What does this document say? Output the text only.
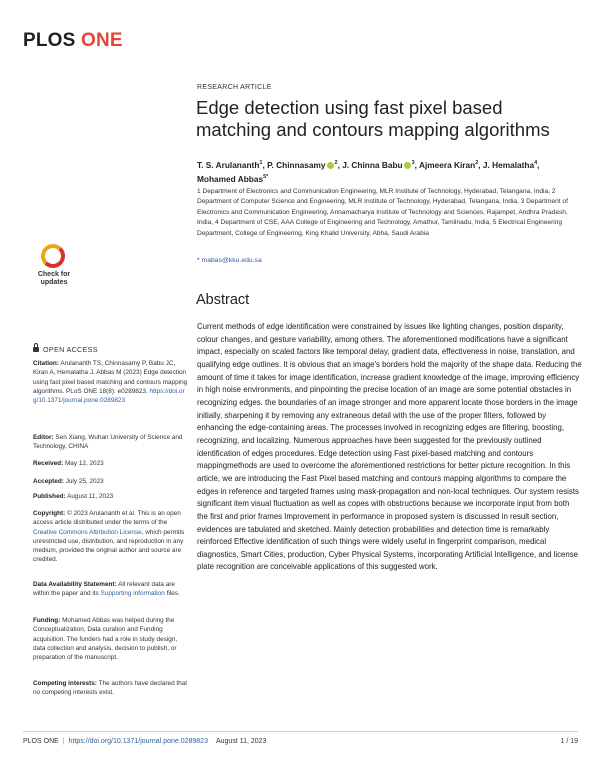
PLOS ONE
RESEARCH ARTICLE
Edge detection using fast pixel based matching and contours mapping algorithms
T. S. Arulananth$^1$, P. Chinnasamy $^2$, J. Chinna Babu $^3$, Ajmeera Kiran$^2$, J. Hemalatha$^4$, Mohamed Abbas$^{5*}$
1 Department of Electronics and Communication Engineering, MLR Institute of Technology, Hyderabad, Telangana, India, 2 Department of Computer Science and Engineering, MLR Institute of Technology, Hyderabad, Telangana, India, 3 Department of Electronics and Communication Engineering, Annamacharya Institute of Technology and Sciences, Rajampet, Andhra Pradesh, India, 4 Department of CSE, AAA College of Engineering and Technology, Amathur, Tamilnadu, India, 5 Electrical Engineering Department, College of Engineering, King Khalid University, Abha, Saudi Arabia
* mabas@kku.edu.sa
Check for
updates
OPEN ACCESS
Citation: Arulananth TS, Chinnasamy P, Babu JC, Kiran A, Hemalatha J, Abbas M (2023) Edge detection using fast pixel based matching and contours mapping algorithms. PLoS ONE 18(8): e0289823. https://doi.org/10.1371/journal.pone.0289823
Editor: Sen Xiang, Wuhan University of Science and Technology, CHINA
Received: May 12, 2023
Accepted: July 25, 2023
Published: August 11, 2023
Copyright: © 2023 Arulananth et al. This is an open access article distributed under the terms of the Creative Commons Attribution License, which permits unrestricted use, distribution, and reproduction in any medium, provided the original author and source are credited.
Data Availability Statement: All relevant data are within the paper and its Supporting information files.
Funding: Mohamed Abbas was helped during the Conceptualization, Data curation and Funding acquisition. The funders had a role in study design, data collection and analysis, decision to publish, or preparation of the manuscript.
Competing interests: The authors have declared that no competing interests exist.
Abstract
Current methods of edge identification were constrained by issues like lighting changes, position disparity, colour changes, and gesture variability, among others. The aforementioned modifications have a significant impact, especially on scaled factors like temporal delay, gradient data, effectiveness in noise, translation, and qualifying edge outlines. It is obvious that an image's borders hold the majority of the shape data. Reducing the amount of time it takes for image identification, increase gradient knowledge of the image, improving efficiency in high noise environments, and pinpointing the precise location of an image are some potential obstacles in recognizing edges. the boundaries of an image stronger and more apparent locate those borders in the image initially, sharpening it by removing any extraneous detail with the use of the proper filters, followed by enhancing the edge-containing areas. The processes involved in recognizing edges are filtering, boosting, recognizing, and localizing. Numerous approaches have been suggested for the previously outlined identification of edges procedures. Edge detection using Fast pixel-based matching and contours mappingmethods are used to overcome the aforementioned restrictions for better picture recognition. In this article, we are introducing the Fast Pixel based matching and contours mapping algorithms to compare the edges in reference and targeted frames using mask-propagation and non-local techniques. Our system resists significant item visual fluctuation as well as copes with obstructions because we incorporate input from both the first and prior frames Improvement in performance in proposed system is discussed in result section, evidences are tabulated and sketched. Mainly detection probabilities and detection time is remarkably reinforced Effective identification of such things were widely useful in fingerprint comparison, medical diagnostics, Smart Cities, production, Cyber Physical Systems, incorporating Artificial Intelligence, and license plate recognition are conceivable applications of this suggested work.
PLOS ONE | https://doi.org/10.1371/journal.pone.0289823 August 11, 2023	1 / 19
